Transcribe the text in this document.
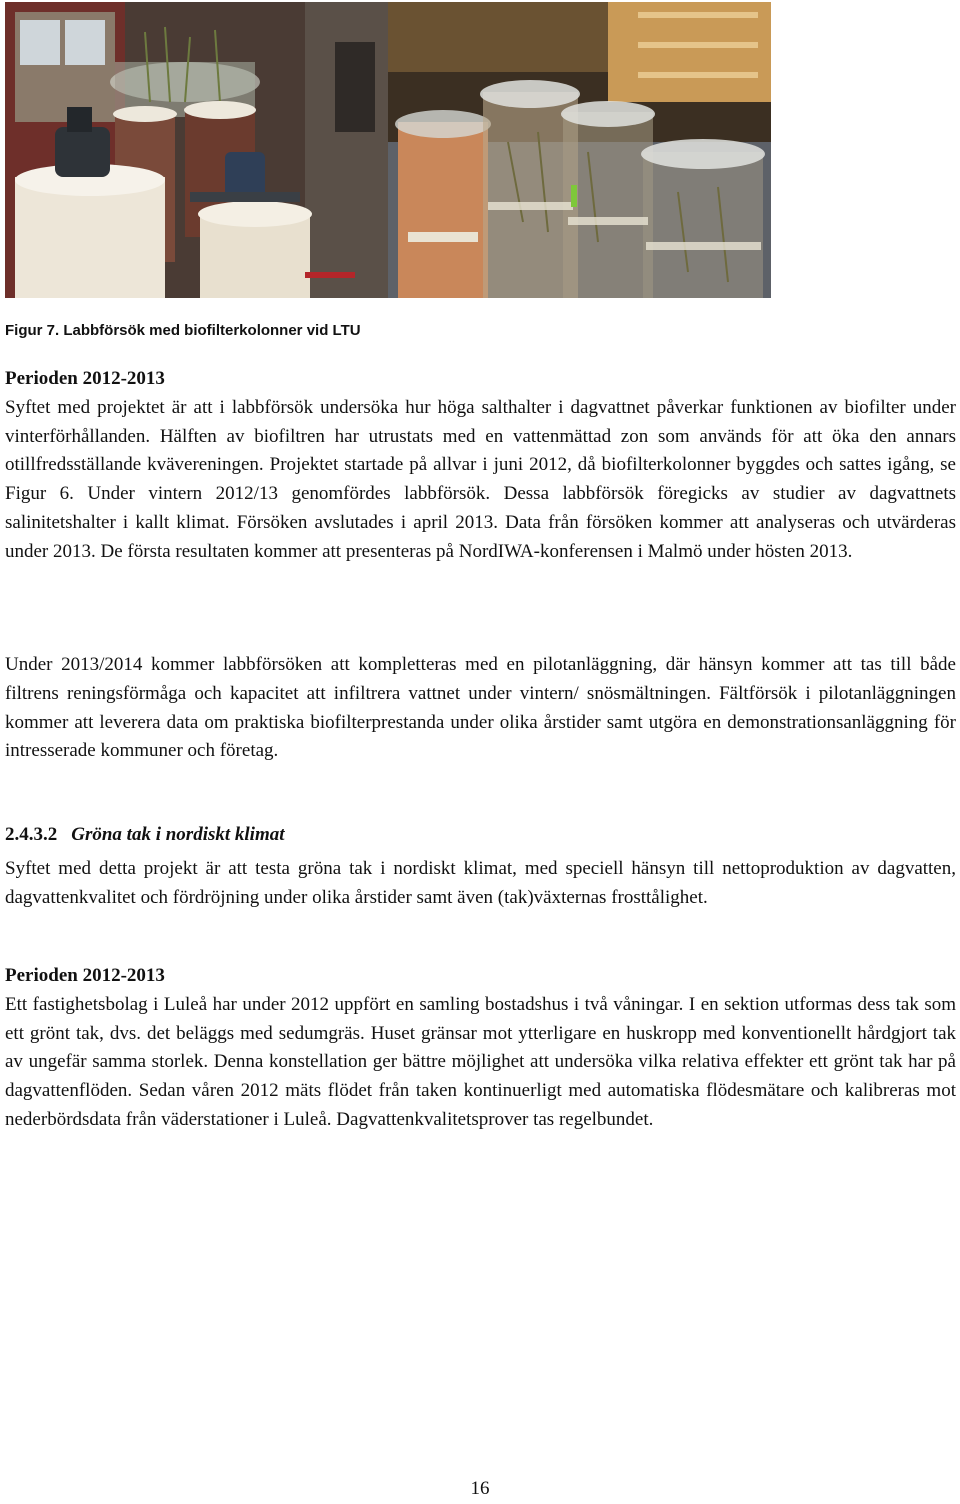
Figur 7. Labbförsök med biofilterkolonner vid LTU
Perioden 2012-2013

Syftet med projektet är att i labbförsök undersöka hur höga salthalter i dagvattnet påverkar funktionen av biofilter under vinterförhållanden. Hälften av biofiltren har utrustats med en vattenmättad zon som används för att öka den annars otillfredsställande kvävereningen. Projektet startade på allvar i juni 2012, då biofilterkolonner byggdes och sattes igång, se Figur 6. Under vintern 2012/13 genomfördes labbförsök. Dessa labbförsök föregicks av studier av dagvattnets salinitetshalter i kallt klimat. Försöken avslutades i april 2013. Data från försöken kommer att analyseras och utvärderas under 2013. De första resultaten kommer att presenteras på NordIWA-konferensen i Malmö under hösten 2013.

Under 2013/2014 kommer labbförsöken att kompletteras med en pilotanläggning, där hänsyn kommer att tas till både filtrens reningsförmåga och kapacitet att infiltrera vattnet under vintern/ snösmältningen. Fältförsök i pilotanläggningen kommer att leverera data om praktiska biofilterprestanda under olika årstider samt utgöra en demonstrationsanläggning för intresserade kommuner och företag.

2.4.3.2 Gröna tak i nordiskt klimat

Syftet med detta projekt är att testa gröna tak i nordiskt klimat, med speciell hänsyn till nettoproduktion av dagvatten, dagvattenkvalitet och fördröjning under olika årstider samt även (tak)växternas frosttålighet.

Perioden 2012-2013

Ett fastighetsbolag i Luleå har under 2012 uppfört en samling bostadshus i två våningar. I en sektion utformas dess tak som ett grönt tak, dvs. det beläggs med sedumgräs. Huset gränsar mot ytterligare en huskropp med konventionellt hårdgjort tak av ungefär samma storlek. Denna konstellation ger bättre möjlighet att undersöka vilka relativa effekter ett grönt tak har på dagvattenflöden. Sedan våren 2012 mäts flödet från taken kontinuerligt med automatiska flödesmätare och kalibreras mot nederbördsdata från väderstationer i Luleå. Dagvattenkvalitetsprover tas regelbundet.

16
